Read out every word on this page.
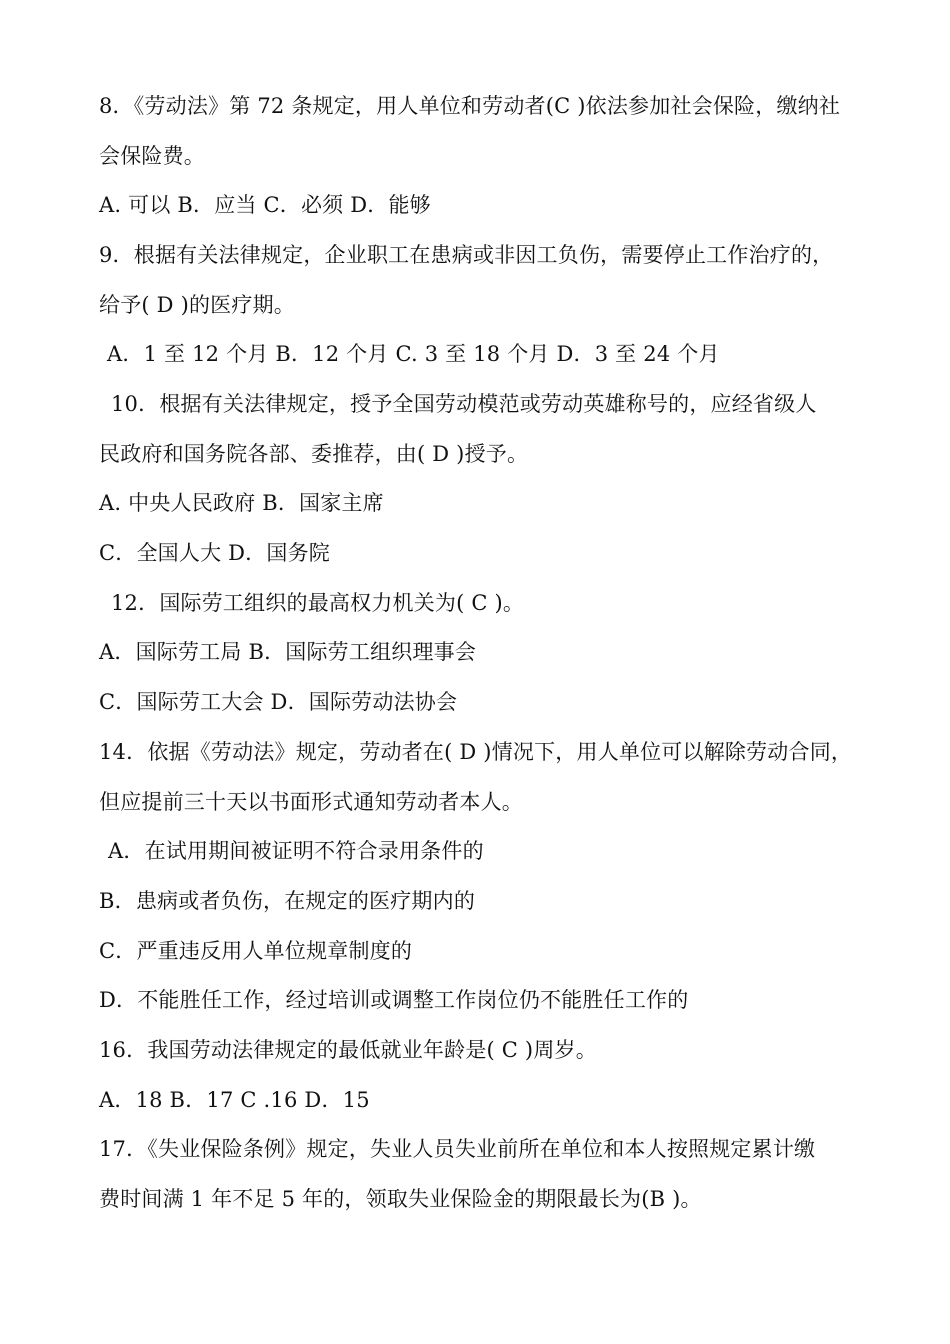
8．《劳动法》第 72 条规定，用人单位和劳动者(C )依法参加社会保险，缴纳社
会保险费。
A. 可以 B．应当 C．必须 D．能够
9．根据有关法律规定，企业职工在患病或非因工负伤，需要停止工作治疗的，
给予( D )的医疗期。
A．1 至 12 个月 B．12 个月 C. 3 至 18 个月 D．3 至 24 个月
10．根据有关法律规定，授予全国劳动模范或劳动英雄称号的，应经省级人
民政府和国务院各部、委推荐，由( D )授予。
A. 中央人民政府 B．国家主席
C．全国人大 D．国务院
12．国际劳工组织的最高权力机关为( C )。
A．国际劳工局 B．国际劳工组织理事会
C．国际劳工大会 D．国际劳动法协会
14．依据《劳动法》规定，劳动者在( D )情况下，用人单位可以解除劳动合同，
但应提前三十天以书面形式通知劳动者本人。
A．在试用期间被证明不符合录用条件的
B．患病或者负伤，在规定的医疗期内的
C．严重违反用人单位规章制度的
D．不能胜任工作，经过培训或调整工作岗位仍不能胜任工作的
16．我国劳动法律规定的最低就业年龄是( C )周岁。
A．18 B．17 C .16 D．15
17．《失业保险条例》规定，失业人员失业前所在单位和本人按照规定累计缴
费时间满 1 年不足 5 年的，领取失业保险金的期限最长为(B )。
